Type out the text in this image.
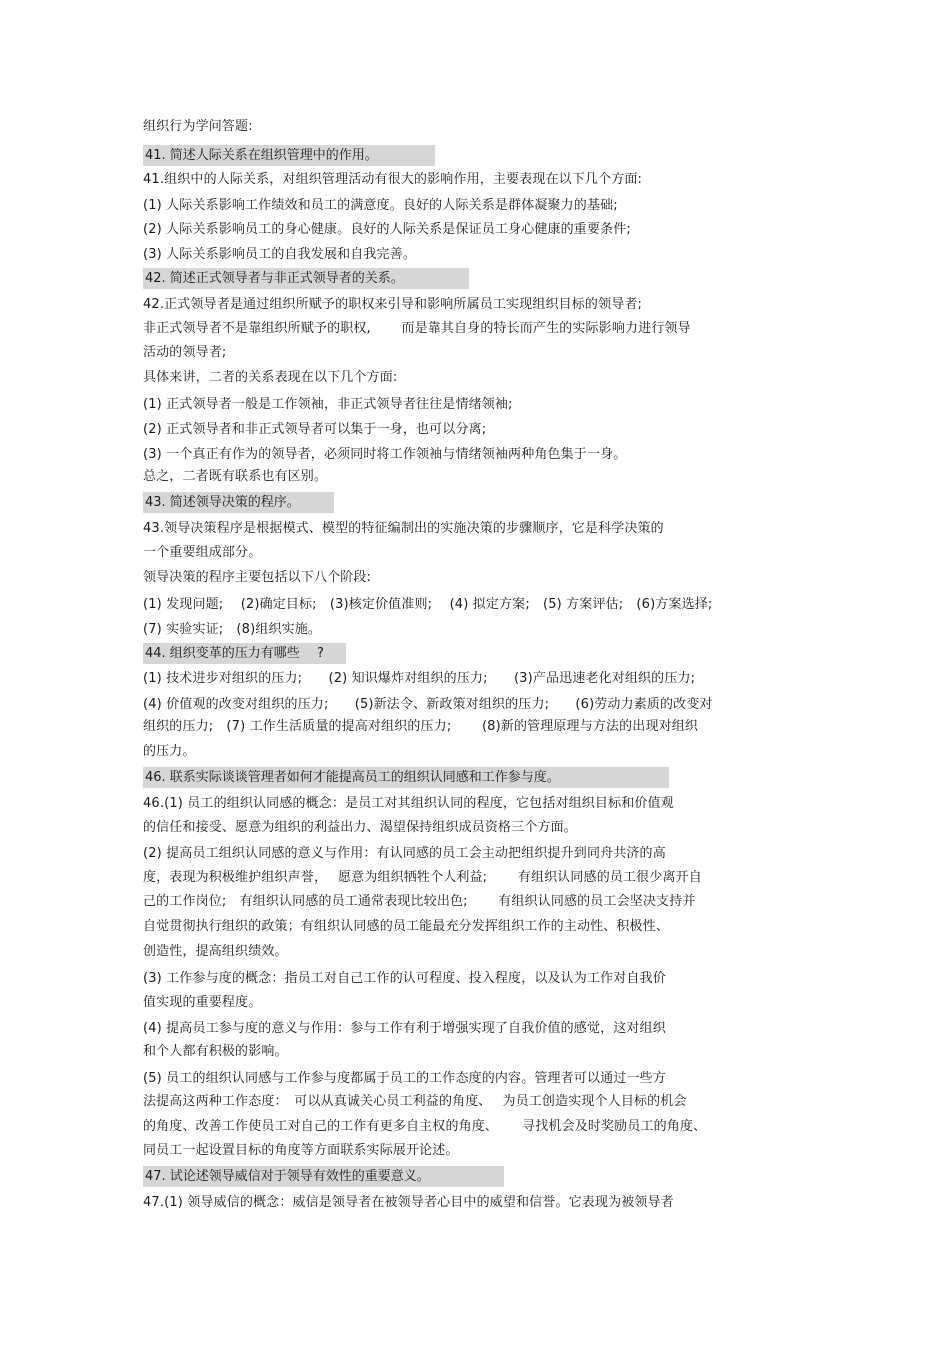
组织行为学问答题:

41. 简述人际关系在组织管理中的作用。

41.组织中的人际关系，对组织管理活动有很大的影响作用，主要表现在以下几个方面:

(1) 人际关系影响工作绩效和员工的满意度。良好的人际关系是群体凝聚力的基础;

(2) 人际关系影响员工的身心健康。良好的人际关系是保证员工身心健康的重要条件;

(3) 人际关系影响员工的自我发展和自我完善。

42. 简述正式领导者与非正式领导者的关系。

42.正式领导者是通过组织所赋予的职权来引导和影响所属员工实现组织目标的领导者;

非正式领导者不是靠组织所赋予的职权,　　 而是靠其自身的特长而产生的实际影响力进行领导

活动的领导者;

具体来讲，二者的关系表现在以下几个方面:

(1) 正式领导者一般是工作领袖，非正式领导者往往是情绪领袖;

(2) 正式领导者和非正式领导者可以集于一身，也可以分离;

(3) 一个真正有作为的领导者，必须同时将工作领袖与情绪领袖两种角色集于一身。

总之，二者既有联系也有区别。

43. 简述领导决策的程序。

43.领导决策程序是根据模式、模型的特征编制出的实施决策的步骤顺序，它是科学决策的

一个重要组成部分。

领导决策的程序主要包括以下八个阶段:

(1) 发现问题;　 (2)确定目标;　(3)核定价值准则;　 (4) 拟定方案;　(5) 方案评估;　(6)方案选择;

(7) 实验实证;　(8)组织实施。

44. 组织变革的压力有哪些　 ?

(1) 技术进步对组织的压力;　　(2) 知识爆炸对组织的压力;　　(3)产品迅速老化对组织的压力;

(4) 价值观的改变对组织的压力;　　(5)新法令、新政策对组织的压力;　　(6)劳动力素质的改变对

组织的压力;　(7) 工作生活质量的提高对组织的压力;　　 (8)新的管理原理与方法的出现对组织

的压力。

46. 联系实际谈谈管理者如何才能提高员工的组织认同感和工作参与度。

46.(1) 员工的组织认同感的概念：是员工对其组织认同的程度，它包括对组织目标和价值观

的信任和接受、愿意为组织的利益出力、渴望保持组织成员资格三个方面。

(2) 提高员工组织认同感的意义与作用：有认同感的员工会主动把组织提升到同舟共济的高

度，表现为积极维护组织声誉，　 愿意为组织牺牲个人利益;　　 有组织认同感的员工很少离开自

己的工作岗位;　有组织认同感的员工通常表现比较出色;　　 有组织认同感的员工会坚决支持并

自觉贯彻执行组织的政策；有组织认同感的员工能最充分发挥组织工作的主动性、积极性、

创造性，提高组织绩效。

(3) 工作参与度的概念：指员工对自己工作的认可程度、投入程度，以及认为工作对自我价

值实现的重要程度。

(4) 提高员工参与度的意义与作用：参与工作有利于增强实现了自我价值的感觉，这对组织

和个人都有积极的影响。

(5) 员工的组织认同感与工作参与度都属于员工的工作态度的内容。管理者可以通过一些方

法提高这两种工作态度：　可以从真诚关心员工利益的角度、　 为员工创造实现个人目标的机会

的角度、改善工作使员工对自己的工作有更多自主权的角度、　　 寻找机会及时奖励员工的角度、

同员工一起设置目标的角度等方面联系实际展开论述。

47. 试论述领导威信对于领导有效性的重要意义。

47.(1) 领导威信的概念：威信是领导者在被领导者心目中的威望和信誉。它表现为被领导者
